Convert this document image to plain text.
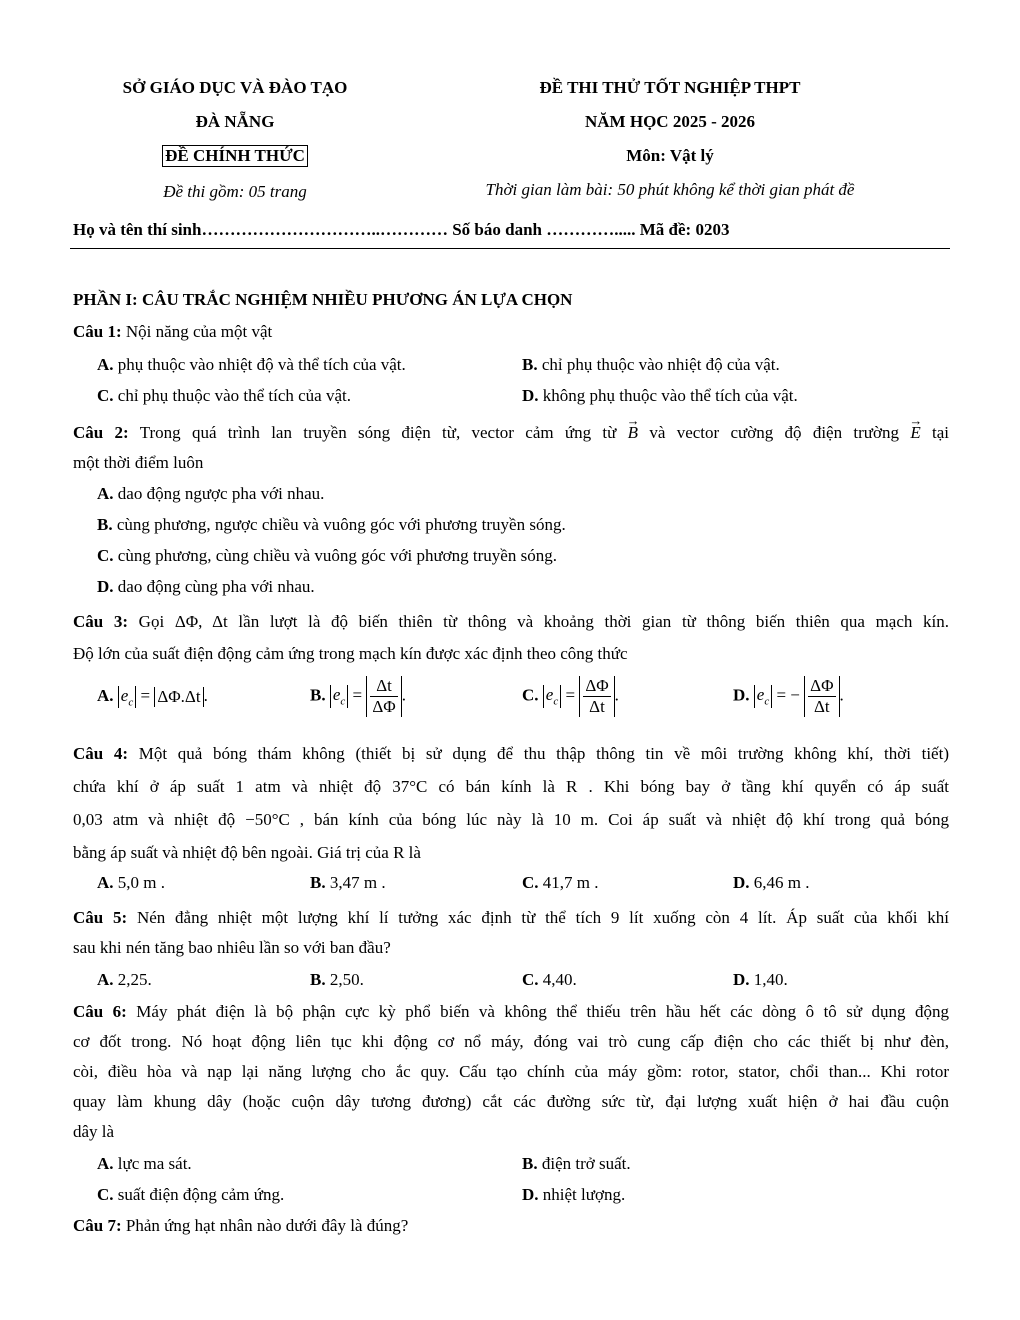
SỞ GIÁO DỤC VÀ ĐÀO TẠO
ĐÀ NẴNG
ĐỀ CHÍNH THỨC
Đề thi gồm: 05 trang
ĐỀ THI THỬ TỐT NGHIỆP THPT
NĂM HỌC 2025 - 2026
Môn: Vật lý
Thời gian làm bài: 50 phút không kể thời gian phát đề
Họ và tên thí sinh…………………………..………… Số báo danh …………..... Mã đề: 0203
PHẦN I: CÂU TRẮC NGHIỆM NHIỀU PHƯƠNG ÁN LỰA CHỌN
Câu 1: Nội năng của một vật
A. phụ thuộc vào nhiệt độ và thể tích của vật.	B. chỉ phụ thuộc vào nhiệt độ của vật.
C. chỉ phụ thuộc vào thể tích của vật.	D. không phụ thuộc vào thể tích của vật.
Câu 2: Trong quá trình lan truyền sóng điện từ, vector cảm ứng từ → B và vector cường độ điện trường → E tại
một thời điểm luôn
A. dao động ngược pha với nhau.
B. cùng phương, ngược chiều và vuông góc với phương truyền sóng.
C. cùng phương, cùng chiều và vuông góc với phương truyền sóng.
D. dao động cùng pha với nhau.
Câu 3: Gọi ΔΦ, Δt lần lượt là độ biến thiên từ thông và khoảng thời gian từ thông biến thiên qua mạch kín.
Độ lớn của suất điện động cảm ứng trong mạch kín được xác định theo công thức
A. $e_c = \Delta\Phi.\Delta t$ .	B. $e_c = \frac{\Delta t}{\Delta\Phi}$ .	C. $e_c = \frac{\Delta\Phi}{\Delta t}$ .	D. $e_c$ = − $\frac{\Delta\Phi}{\Delta t}$ .
Câu 4: Một quả bóng thám không (thiết bị sử dụng để thu thập thông tin về môi trường không khí, thời tiết)
chứa khí ở áp suất 1 atm và nhiệt độ 37°C có bán kính là R . Khi bóng bay ở tầng khí quyển có áp suất
0,03 atm và nhiệt độ −50°C , bán kính của bóng lúc này là 10 m. Coi áp suất và nhiệt độ khí trong quả bóng
bằng áp suất và nhiệt độ bên ngoài. Giá trị của R là
A. 5,0 m .	B. 3,47 m .	C. 41,7 m .	D. 6,46 m .
Câu 5: Nén đẳng nhiệt một lượng khí lí tưởng xác định từ thể tích 9 lít xuống còn 4 lít. Áp suất của khối khí
sau khi nén tăng bao nhiêu lần so với ban đầu?
A. 2,25.	B. 2,50.	C. 4,40.	D. 1,40.
Câu 6: Máy phát điện là bộ phận cực kỳ phổ biến và không thể thiếu trên hầu hết các dòng ô tô sử dụng động
cơ đốt trong. Nó hoạt động liên tục khi động cơ nổ máy, đóng vai trò cung cấp điện cho các thiết bị như đèn,
còi, điều hòa và nạp lại năng lượng cho ắc quy. Cấu tạo chính của máy gồm: rotor, stator, chổi than... Khi rotor
quay làm khung dây (hoặc cuộn dây tương đương) cắt các đường sức từ, đại lượng xuất hiện ở hai đầu cuộn
dây là
A. lực ma sát.	B. điện trở suất.
C. suất điện động cảm ứng.	D. nhiệt lượng.
Câu 7: Phản ứng hạt nhân nào dưới đây là đúng?
